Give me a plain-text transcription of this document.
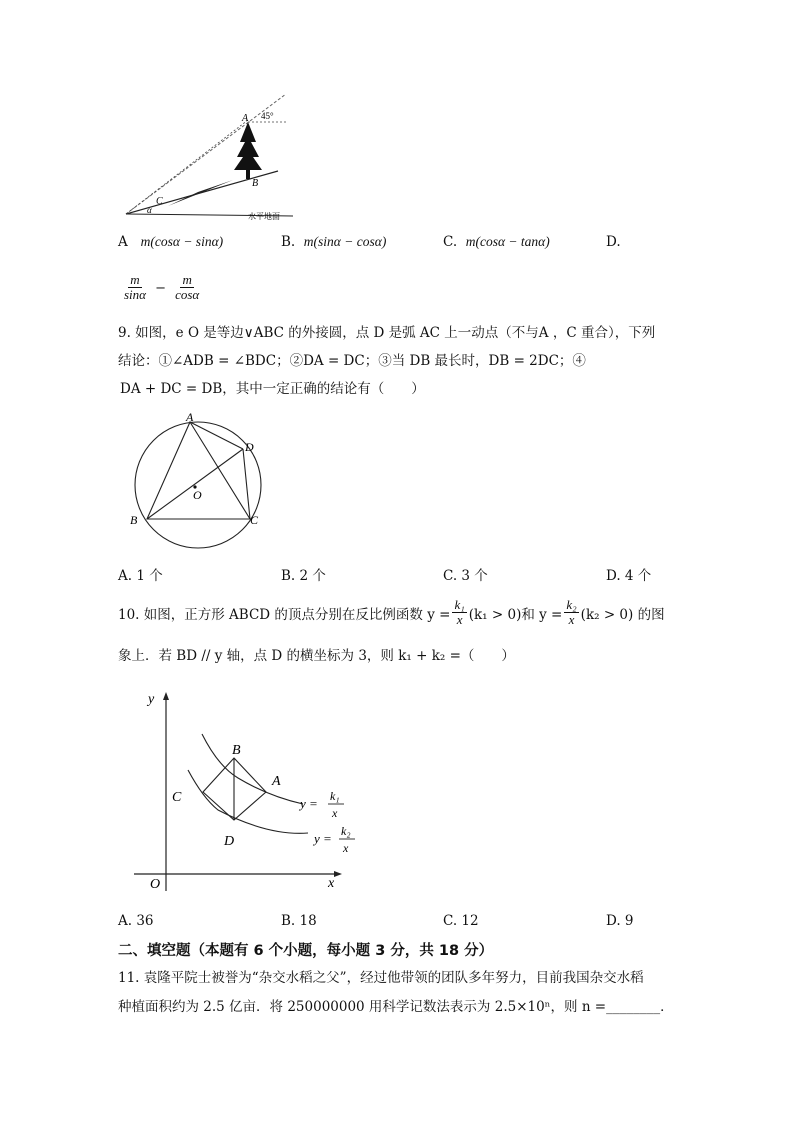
A 45°
B
C
α
水平地面
A m(cosα − sinα)	B.  m(sinα − cosα)	C.  m(cosα − tanα)	D.
$\frac{m}{\sin\alpha} - \frac{m}{\cos\alpha}$
9. 如图，e O 是等边∨ABC 的外接圆，点 D 是弧 AC 上一动点（不与A ，C 重合），下列
结论：①∠ADB = ∠BDC；②DA = DC；③当 DB 最长时，DB = 2DC；④
DA + DC = DB，其中一定正确的结论有（　　）
A
D
O
B	C
A. 1 个	B. 2 个	C. 3 个	D. 4 个
10. 如图，正方形 ABCD 的顶点分别在反比例函数 $y = \frac{\text{k₁}}{x} (k_1 > 0)$和 $y = \frac{\text{k₂}}{x} (k_2 > 0)$ 的图
象上．若 BD // y 轴，点 D 的横坐标为 3，则 k₁ + k₂ =（　　）
y
x
O
B
A
C
D
y = k₁
x
y = k₂
x
A. 36	B. 18	C. 12	D. 9
二、填空题（本题有 6 个小题，每小题 3 分，共 18 分）
11. 袁隆平院士被誉为“杂交水稻之父”，经过他带领的团队多年努力，目前我国杂交水稻
种植面积约为 2.5 亿亩．将 250000000 用科学记数法表示为 2.5×10ⁿ，则 n =________．
